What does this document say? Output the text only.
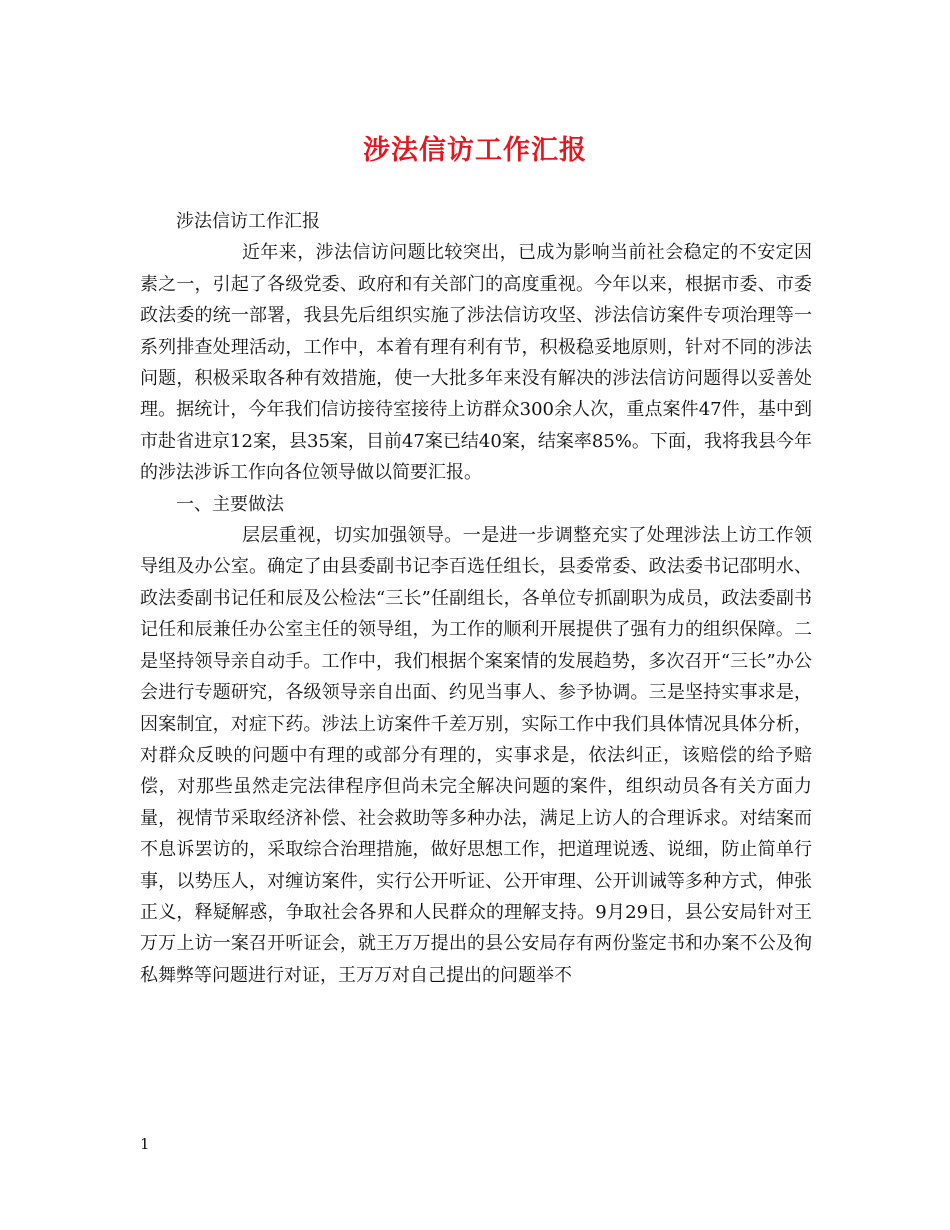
涉法信访工作汇报

涉法信访工作汇报

近年来，涉法信访问题比较突出，已成为影响当前社会稳定的不安定因素之一，引起了各级党委、政府和有关部门的高度重视。今年以来，根据市委、市委政法委的统一部署，我县先后组织实施了涉法信访攻坚、涉法信访案件专项治理等一系列排查处理活动，工作中，本着有理有利有节，积极稳妥地原则，针对不同的涉法问题，积极采取各种有效措施，使一大批多年来没有解决的涉法信访问题得以妥善处理。据统计，今年我们信访接待室接待上访群众300余人次，重点案件47件，基中到市赴省进京12案，县35案，目前47案已结40案，结案率85%。下面，我将我县今年的涉法涉诉工作向各位领导做以简要汇报。

一、主要做法

层层重视，切实加强领导。一是进一步调整充实了处理涉法上访工作领导组及办公室。确定了由县委副书记李百选任组长，县委常委、政法委书记邵明水、政法委副书记任和辰及公检法“三长”任副组长，各单位专抓副职为成员，政法委副书记任和辰兼任办公室主任的领导组，为工作的顺利开展提供了强有力的组织保障。二是坚持领导亲自动手。工作中，我们根据个案案情的发展趋势，多次召开“三长”办公会进行专题研究，各级领导亲自出面、约见当事人、参予协调。三是坚持实事求是，因案制宜，对症下药。涉法上访案件千差万别，实际工作中我们具体情况具体分析，对群众反映的问题中有理的或部分有理的，实事求是，依法纠正，该赔偿的给予赔偿，对那些虽然走完法律程序但尚未完全解决问题的案件，组织动员各有关方面力量，视情节采取经济补偿、社会救助等多种办法，满足上访人的合理诉求。对结案而不息诉罢访的，采取综合治理措施，做好思想工作，把道理说透、说细，防止简单行事，以势压人，对缠访案件，实行公开听证、公开审理、公开训诫等多种方式，伸张正义，释疑解惑，争取社会各界和人民群众的理解支持。9月29日，县公安局针对王万万上访一案召开听证会，就王万万提出的县公安局存有两份鉴定书和办案不公及徇私舞弊等问题进行对证，王万万对自己提出的问题举不

1
